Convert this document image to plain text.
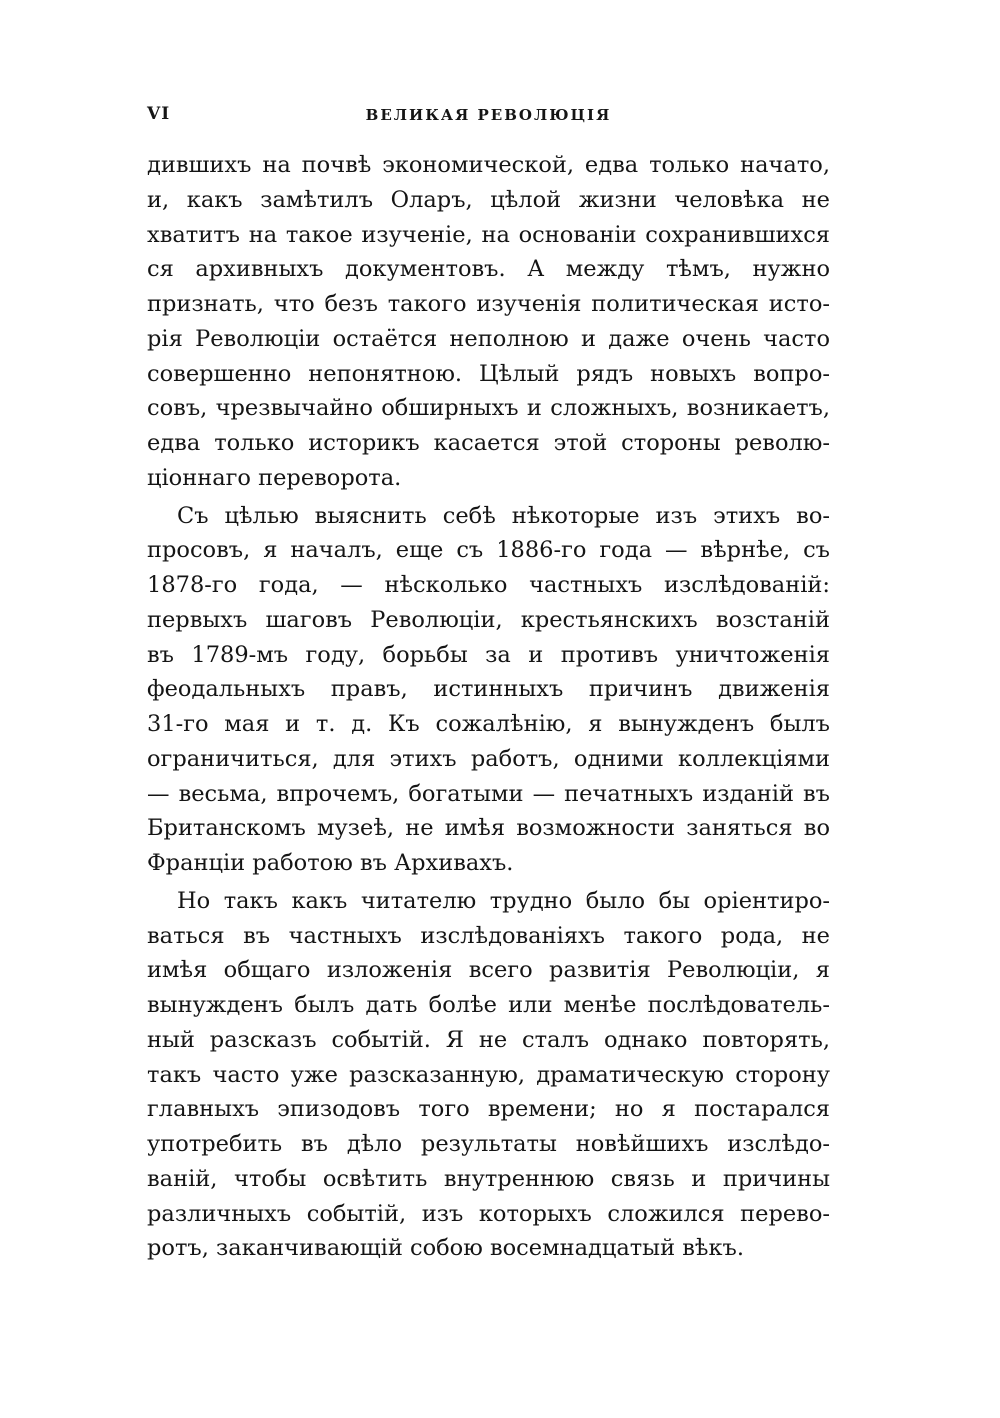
VI	ВЕЛИКАЯ РЕВОЛЮЦІЯ
дившихъ на почвѣ экономической, едва только начато,
и, какъ замѣтилъ Оларъ, цѣлой жизни человѣка не
хватитъ на такое изученіе, на основаніи сохранившихся
ся архивныхъ документовъ. А между тѣмъ, нужно
признать, что безъ такого изученія политическая исто-
рія Революціи остаётся неполною и даже очень часто
совершенно непонятною. Цѣлый рядъ новыхъ вопро-
совъ, чрезвычайно обширныхъ и сложныхъ, возникаетъ,
едва только историкъ касается этой стороны револю-
ціоннаго переворота.
Съ цѣлью выяснить себѣ нѣкоторые изъ этихъ во-
просовъ, я началъ, еще съ 1886-го года — вѣрнѣе, съ
1878-го года, — нѣсколько частныхъ изслѣдованій:
первыхъ шаговъ Революціи, крестьянскихъ возстаній
въ 1789-мъ году, борьбы за и противъ уничтоженія
феодальныхъ правъ, истинныхъ причинъ движенія
31-го мая и т. д. Къ сожалѣнію, я вынужденъ былъ
ограничиться, для этихъ работъ, одними коллекціями
— весьма, впрочемъ, богатыми — печатныхъ изданій въ
Британскомъ музеѣ, не имѣя возможности заняться во
Франціи работою въ Архивахъ.
Но такъ какъ читателю трудно было бы оріентиро-
ваться въ частныхъ изслѣдованіяхъ такого рода, не
имѣя общаго изложенія всего развитія Революціи, я
вынужденъ былъ дать болѣе или менѣе послѣдователь-
ный разсказъ событій. Я не сталъ однако повторять,
такъ часто уже разсказанную, драматическую сторону
главныхъ эпизодовъ того времени; но я постарался
употребить въ дѣло результаты новѣйшихъ изслѣдо-
ваній, чтобы освѣтить внутреннюю связь и причины
различныхъ событій, изъ которыхъ сложился перево-
ротъ, заканчивающій собою восемнадцатый вѣкъ.
